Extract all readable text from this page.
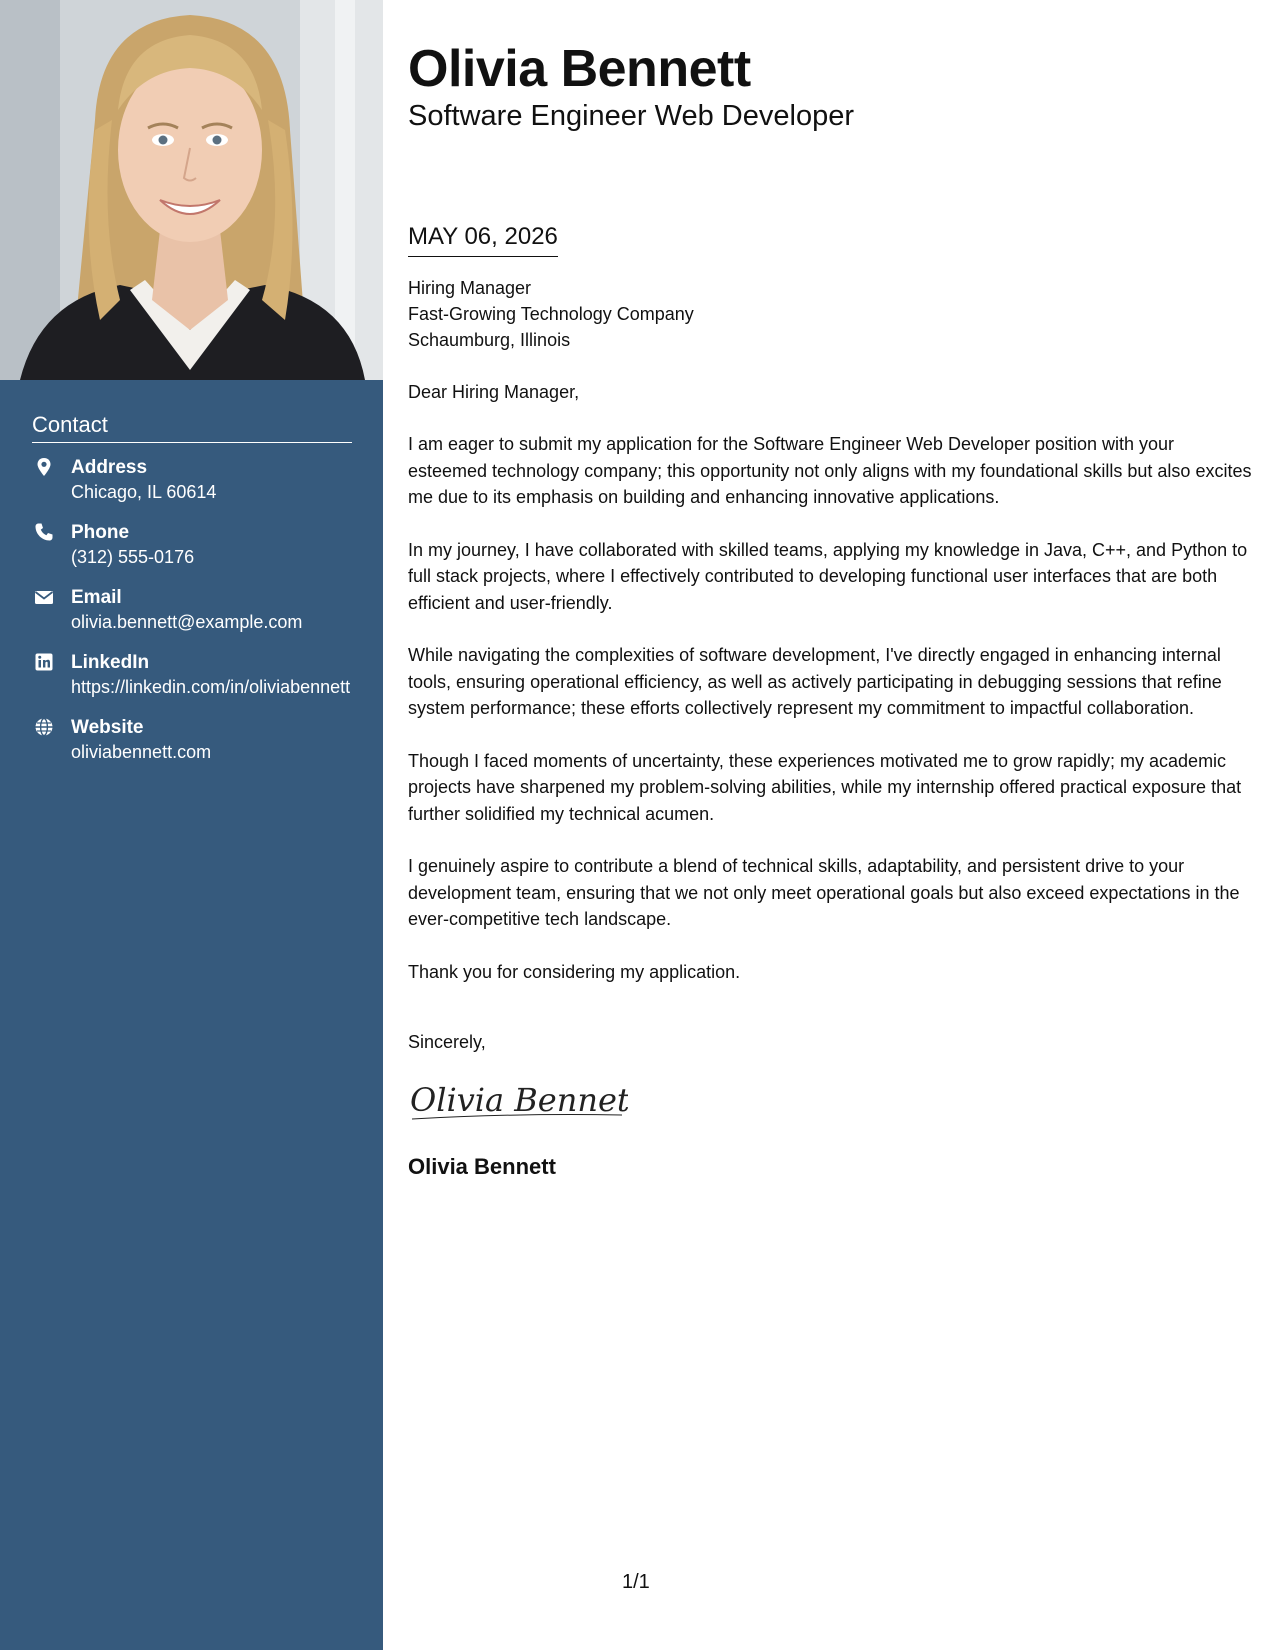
Contact
Address
Chicago, IL 60614
Phone
(312) 555-0176
Email
olivia.bennett@example.com
LinkedIn
https://linkedin.com/in/oliviabennett
Website
oliviabennett.com
Olivia Bennett
Software Engineer Web Developer
MAY 06, 2026
Hiring Manager
Fast-Growing Technology Company
Schaumburg, Illinois
Dear Hiring Manager,

I am eager to submit my application for the Software Engineer Web Developer position with your esteemed technology company; this opportunity not only aligns with my foundational skills but also excites me due to its emphasis on building and enhancing innovative applications.

In my journey, I have collaborated with skilled teams, applying my knowledge in Java, C++, and Python to full stack projects, where I effectively contributed to developing functional user interfaces that are both efficient and user-friendly.

While navigating the complexities of software development, I've directly engaged in enhancing internal tools, ensuring operational efficiency, as well as actively participating in debugging sessions that refine system performance; these efforts collectively represent my commitment to impactful collaboration.

Though I faced moments of uncertainty, these experiences motivated me to grow rapidly; my academic projects have sharpened my problem-solving abilities, while my internship offered practical exposure that further solidified my technical acumen.

I genuinely aspire to contribute a blend of technical skills, adaptability, and persistent drive to your development team, ensuring that we not only meet operational goals but also exceed expectations in the ever-competitive tech landscape.

Thank you for considering my application.

Sincerely,
Olivia Bennett
Olivia Bennett
1/1
